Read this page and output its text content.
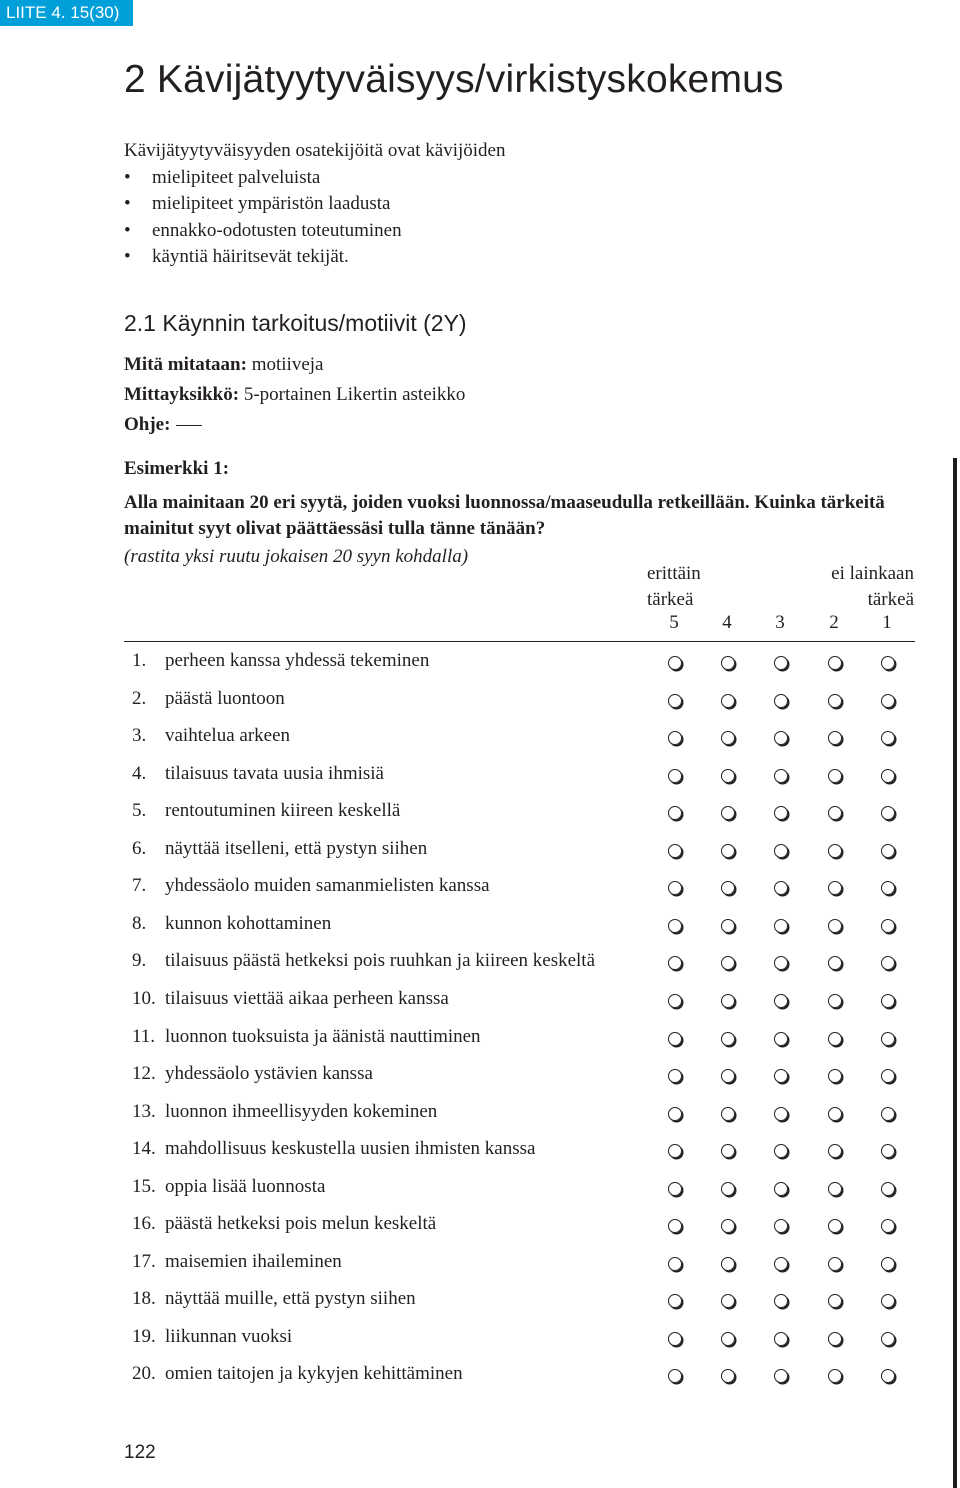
LIITE 4. 15(30)
2 Kävijätyytyväisyys/virkistyskokemus
Kävijätyytyväisyyden osatekijöitä ovat kävijöiden
•	mielipiteet palveluista
•	mielipiteet ympäristön laadusta
•	ennakko-odotusten toteutuminen
•	käyntiä häiritsevät tekijät.
2.1 Käynnin tarkoitus/motiivit (2Y)
Mitä mitataan: motiiveja
Mittayksikkö: 5-portainen Likertin asteikko
Ohje:
Esimerkki 1:
Alla mainitaan 20 eri syytä, joiden vuoksi luonnossa/maaseudulla retkeillään. Kuinka tärkeitä mainitut syyt olivat päättäessäsi tulla tänne tänään?
(rastita yksi ruutu jokaisen 20 syyn kohdalla)
erittäin
tärkeä
ei lainkaan
tärkeä
5 4 3 2 1
1. perheen kanssa yhdessä tekeminen
2. päästä luontoon
3. vaihtelua arkeen
4. tilaisuus tavata uusia ihmisiä
5. rentoutuminen kiireen keskellä
6. näyttää itselleni, että pystyn siihen
7. yhdessäolo muiden samanmielisten kanssa
8. kunnon kohottaminen
9. tilaisuus päästä hetkeksi pois ruuhkan ja kiireen keskeltä
10. tilaisuus viettää aikaa perheen kanssa
11. luonnon tuoksuista ja äänistä nauttiminen
12. yhdessäolo ystävien kanssa
13. luonnon ihmeellisyyden kokeminen
14. mahdollisuus keskustella uusien ihmisten kanssa
15. oppia lisää luonnosta
16. päästä hetkeksi pois melun keskeltä
17. maisemien ihaileminen
18. näyttää muille, että pystyn siihen
19. liikunnan vuoksi
20. omien taitojen ja kykyjen kehittäminen
122
